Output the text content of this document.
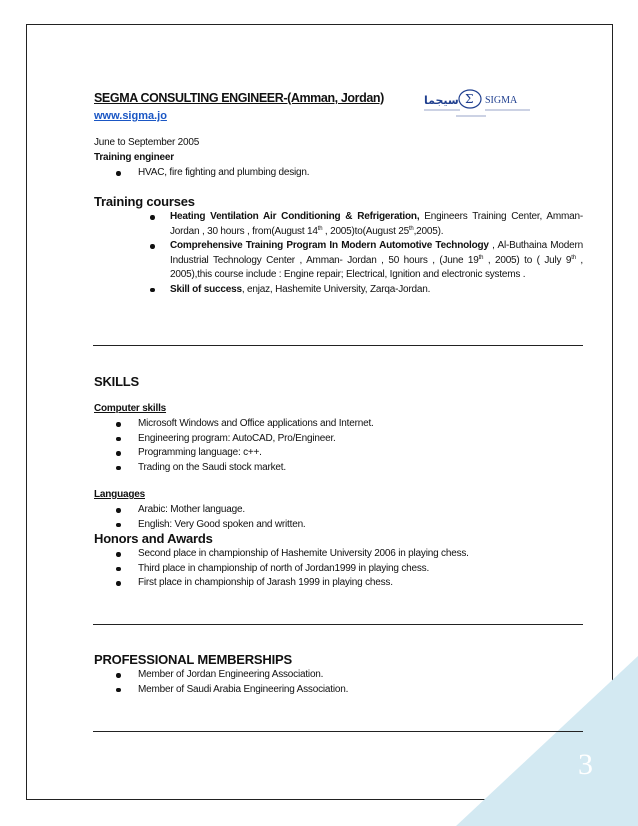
3
SEGMA CONSULTING ENGINEER-(Amman, Jordan)
www.sigma.jo
سيجما Σ SIGMA
June to September 2005
Training engineer
HVAC, fire fighting and plumbing design.
Training courses
Heating Ventilation Air Conditioning & Refrigeration, Engineers Training Center, Amman-Jordan , 30 hours , from(August 14th , 2005)to(August 25th,2005).
Comprehensive Training Program In Modern Automotive Technology , Al-Buthaina Modern Industrial Technology Center , Amman- Jordan , 50 hours , (June 19th , 2005) to ( July 9th , 2005),this course include : Engine repair; Electrical, Ignition and electronic systems .
Skill of success, enjaz, Hashemite University, Zarqa-Jordan.
SKILLS
Computer skills
Microsoft Windows and Office applications and Internet.
Engineering program: AutoCAD, Pro/Engineer.
Programming language: c++.
Trading on the Saudi stock market.
Languages
Arabic: Mother language.
English: Very Good spoken and written.
Honors and Awards
Second place in championship of Hashemite University 2006 in playing chess.
Third place in championship of north of Jordan1999 in playing chess.
First place in championship of Jarash 1999 in playing chess.
PROFESSIONAL MEMBERSHIPS
Member of Jordan Engineering Association.
Member of Saudi Arabia Engineering Association.
